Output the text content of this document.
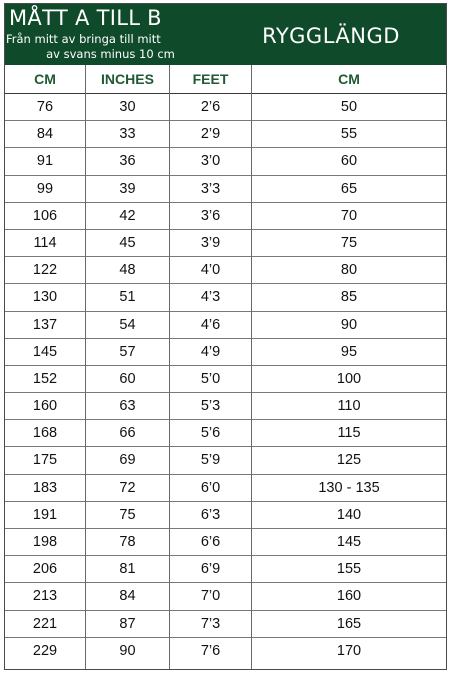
MÅTT A TILL B
Från mitt av bringa till mitt
av svans minus 10 cm
RYGGLÄNGD
CM	INCHES	FEET	CM
76	30	2’6	50
84	33	2’9	55
91	36	3’0	60
99	39	3’3	65
106	42	3’6	70
114	45	3’9	75
122	48	4’0	80
130	51	4’3	85
137	54	4’6	90
145	57	4’9	95
152	60	5’0	100
160	63	5’3	110
168	66	5’6	115
175	69	5’9	125
183	72	6’0	130 - 135
191	75	6’3	140
198	78	6’6	145
206	81	6’9	155
213	84	7’0	160
221	87	7’3	165
229	90	7’6	170
